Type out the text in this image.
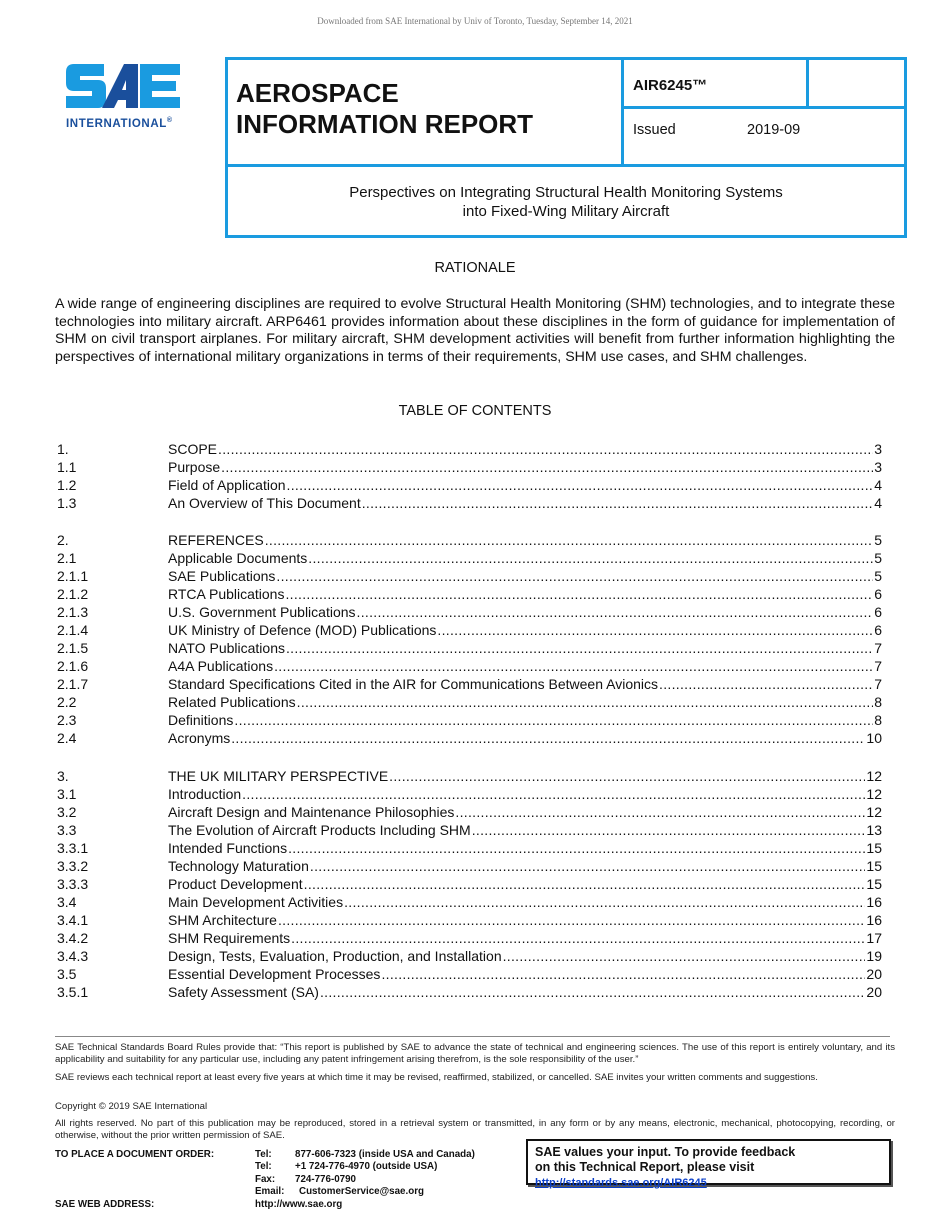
Downloaded from SAE International by Univ of Toronto, Tuesday, September 14, 2021
INTERNATIONAL®
AEROSPACE
INFORMATION REPORT
AIR6245™
Issued	2019-09
Perspectives on Integrating Structural Health Monitoring Systems
into Fixed-Wing Military Aircraft
RATIONALE
A wide range of engineering disciplines are required to evolve Structural Health Monitoring (SHM) technologies, and to integrate these technologies into military aircraft. ARP6461 provides information about these disciplines in the form of guidance for implementation of SHM on civil transport airplanes. For military aircraft, SHM development activities will benefit from further information highlighting the perspectives of international military organizations in terms of their requirements, SHM use cases, and SHM challenges.
TABLE OF CONTENTS
1.	SCOPE .....	3
1.1	Purpose .....	3
1.2	Field of Application .....	4
1.3	An Overview of This Document .....	4
2.	REFERENCES .....	5
2.1	Applicable Documents .....	5
2.1.1	SAE Publications .....	5
2.1.2	RTCA Publications .....	6
2.1.3	U.S. Government Publications .....	6
2.1.4	UK Ministry of Defence (MOD) Publications .....	6
2.1.5	NATO Publications .....	7
2.1.6	A4A Publications .....	7
2.1.7	Standard Specifications Cited in the AIR for Communications Between Avionics .....	7
2.2	Related Publications .....	8
2.3	Definitions .....	8
2.4	Acronyms .....	10
3.	THE UK MILITARY PERSPECTIVE .....	12
3.1	Introduction .....	12
3.2	Aircraft Design and Maintenance Philosophies .....	12
3.3	The Evolution of Aircraft Products Including SHM .....	13
3.3.1	Intended Functions .....	15
3.3.2	Technology Maturation .....	15
3.3.3	Product Development .....	15
3.4	Main Development Activities .....	16
3.4.1	SHM Architecture .....	16
3.4.2	SHM Requirements .....	17
3.4.3	Design, Tests, Evaluation, Production, and Installation .....	19
3.5	Essential Development Processes .....	20
3.5.1	Safety Assessment (SA) .....	20
SAE Technical Standards Board Rules provide that: “This report is published by SAE to advance the state of technical and engineering sciences. The use of this report is entirely voluntary, and its applicability and suitability for any particular use, including any patent infringement arising therefrom, is the sole responsibility of the user.”
SAE reviews each technical report at least every five years at which time it may be revised, reaffirmed, stabilized, or cancelled. SAE invites your written comments and suggestions.
Copyright © 2019 SAE International
All rights reserved. No part of this publication may be reproduced, stored in a retrieval system or transmitted, in any form or by any means, electronic, mechanical, photocopying, recording, or otherwise, without the prior written permission of SAE.
TO PLACE A DOCUMENT ORDER:	Tel:	877-606-7323 (inside USA and Canada)
Tel:	+1 724-776-4970 (outside USA)
Fax:	724-776-0790
Email:	CustomerService@sae.org
SAE WEB ADDRESS:	http://www.sae.org
SAE values your input. To provide feedback
on this Technical Report, please visit
http://standards.sae.org/AIR6245
